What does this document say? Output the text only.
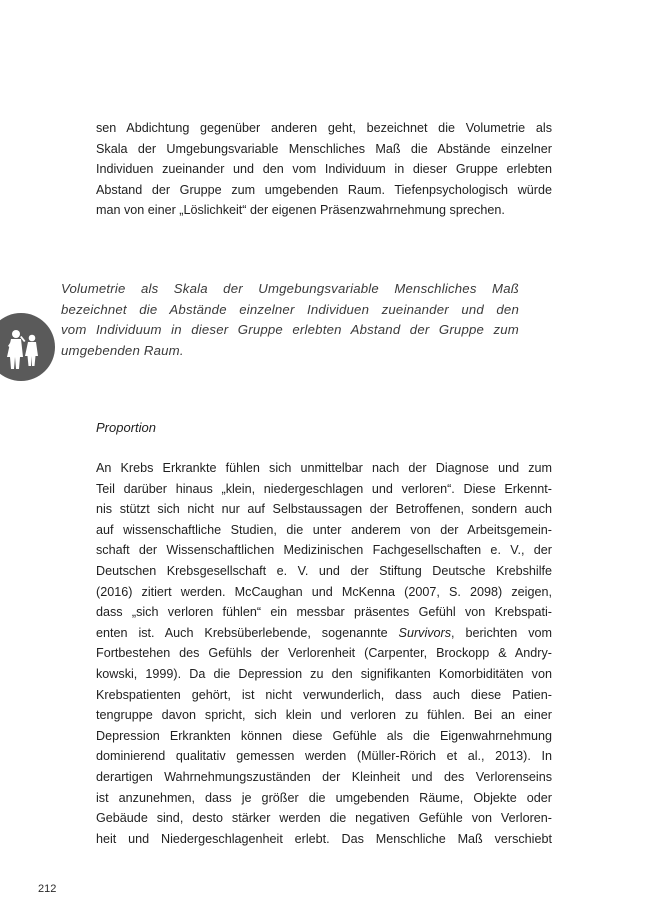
sen Abdichtung gegenüber anderen geht, bezeichnet die Volumetrie als
Skala der Umgebungsvariable Menschliches Maß die Abstände einzelner
Individuen zueinander und den vom Individuum in dieser Gruppe erlebten
Abstand der Gruppe zum umgebenden Raum. Tiefenpsychologisch würde
man von einer „Löslichkeit“ der eigenen Präsenzwahrnehmung sprechen.
Volumetrie als Skala der Umgebungsvariable Menschliches Maß
bezeichnet die Abstände einzelner Individuen zueinander und den
vom Individuum in dieser Gruppe erlebten Abstand der Gruppe zum
umgebenden Raum.
Proportion
An Krebs Erkrankte fühlen sich unmittelbar nach der Diagnose und zum
Teil darüber hinaus „klein, niedergeschlagen und verloren“. Diese Erkennt-
nis stützt sich nicht nur auf Selbstaussagen der Betroffenen, sondern auch
auf wissenschaftliche Studien, die unter anderem von der Arbeitsgemein-
schaft der Wissenschaftlichen Medizinischen Fachgesellschaften e. V., der
Deutschen Krebsgesellschaft e. V. und der Stiftung Deutsche Krebshilfe
(2016) zitiert werden. McCaughan und McKenna (2007, S. 2098) zeigen,
dass „sich verloren fühlen“ ein messbar präsentes Gefühl von Krebspati-
enten ist. Auch Krebsüberlebende, sogenannte Survivors, berichten vom
Fortbestehen des Gefühls der Verlorenheit (Carpenter, Brockopp & Andry-
kowski, 1999). Da die Depression zu den signifikanten Komorbiditäten von
Krebspatienten gehört, ist nicht verwunderlich, dass auch diese Patien-
tengruppe davon spricht, sich klein und verloren zu fühlen. Bei an einer
Depression Erkrankten können diese Gefühle als die Eigenwahrnehmung
dominierend qualitativ gemessen werden (Müller-Rörich et al., 2013). In
derartigen Wahrnehmungszuständen der Kleinheit und des Verlorenseins
ist anzunehmen, dass je größer die umgebenden Räume, Objekte oder
Gebäude sind, desto stärker werden die negativen Gefühle von Verloren-
heit und Niedergeschlagenheit erlebt. Das Menschliche Maß verschiebt
212
